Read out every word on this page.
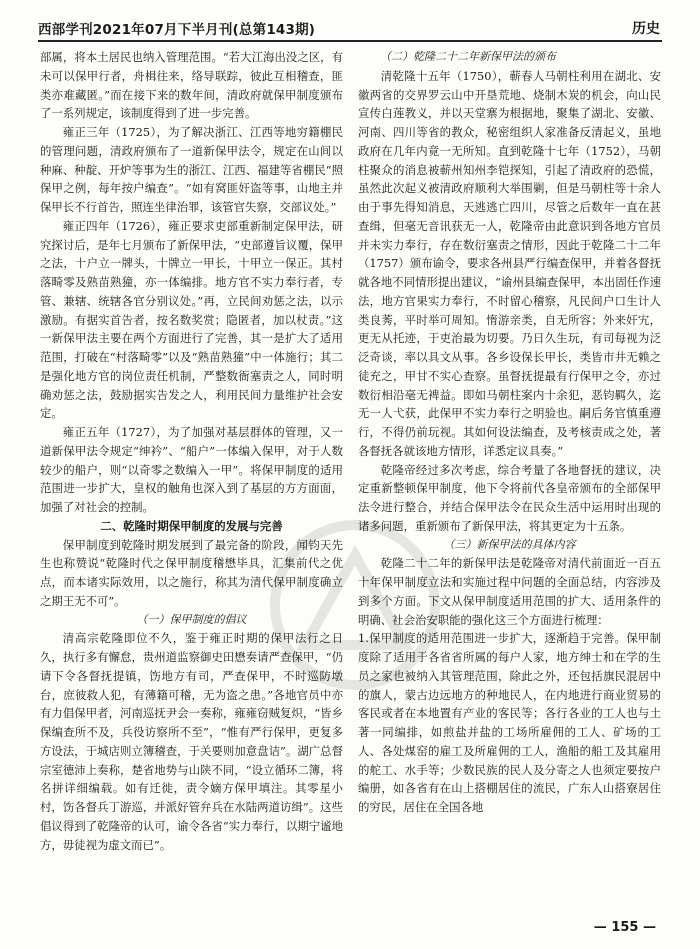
西部学刊2021年07月下半月刊(总第143期)	历史

部属，将本土居民也纳入管理范围。“若大江海出没之区，有未可以保甲行者，舟楫往来，络导联踪，彼此互相稽查，匪类亦难藏匿。”而在接下来的数年间，清政府就保甲制度颁布了一系列规定，该制度得到了进一步完善。

雍正三年（1725），为了解决浙江、江西等地穷籍棚民的管理问题，清政府颁布了一道新保甲法令，规定在山间以种麻、种靛、开炉等事为生的浙江、江西、福建等省棚民“照保甲之例，每年按户编查”。“如有窝匪奸盗等事，山地主并保甲长不行首告，照连坐律治罪，该管官失察，交部议处。”

雍正四年（1726），雍正要求吏部重新制定保甲法，研究探讨后，是年七月颁布了新保甲法，“史部遵旨议覆，保甲之法，十户立一牌头，十牌立一甲长，十甲立一保正。其村落畸零及熟苗熟獞，亦一体编排。地方官不实力奉行者，专管、兼辖、统辖各官分别议处。”再，立民间劝惩之法，以示激励。有据实首告者，按名数奖赏；隐匿者，加以杖责。”这一新保甲法主要在两个方面进行了完善，其一是扩大了适用范围，打破在“村落畸零”以及“熟苗熟獞”中一体施行；其二是强化地方官的岗位责任机制，严整数衙塞责之人，同时明确劝惩之法，鼓励据实告发之人，利用民间力量维护社会安定。

雍正五年（1727），为了加强对基层群体的管理，又一道新保甲法令规定“绅衿”、“船户”一体编入保甲，对于人数较少的船户，则“以奇零之数编入一甲”。将保甲制度的适用范围进一步扩大，皇权的触角也深入到了基层的方方面面，加强了对社会的控制。

二、乾隆时期保甲制度的发展与完善

保甲制度到乾隆时期发展到了最完备的阶段，闻钧天先生也称赞说“乾隆时代之保甲制度稽懋毕具，汇集前代之优点，而本诸实际效用，以之施行，称其为清代保甲制度确立之期王无不可”。

（一）保甲制度的倡议

清高宗乾隆即位不久，鉴于雍正时期的保甲法行之日久，执行多有懈怠，贵州道监察御史田懋奏请严查保甲，“仍请下令各督抚提镇，饬地方有司，严查保甲，不时巡防墩台，庶彼救人犯，有薄籍可稽，无为盗之患。”各地官员中亦有力倡保甲者，河南巡抚尹会一奏称，雍雍窃贼复炽，“皆乡保编查所不及，兵役访察所不至”，“惟有严行保甲，更复多方设法，于城店则立簿稽查，于关要则加意盘诘”。湖广总督宗室德沛上奏称，楚省地势与山陕不同，“设立循环二簿，将名拼详细编载。如有迁徙，责令嫡方保甲填注。其零星小村，饬各督兵丁游巡，并派好管弁兵在水陆两道访缉”。这些倡议得到了乾隆帝的认可，谕令各省“实力奉行，以期宁谧地方，毋徒视为虚文而已”。

（二）乾隆二十二年新保甲法的颁布

清乾隆十五年（1750），蕲春人马朝柱利用在湖北、安徽两省的交界罗云山中开垦荒地、烧制木炭的机会，向山民宣传白莲教义，并以天堂寨为根据地，聚集了湖北、安徽、河南、四川等省的教众，秘密组织人家准备反清起义，虽地政府在几年内竟一无所知。直到乾隆十七年（1752），马朝柱聚众的消息被蕲州知州李铠探知，引起了清政府的恐慌，虽然此次起义被清政府顺利大举围剿，但是马朝柱等十余人由于事先得知消息，天逃逃亡四川，尽管之后数年一直在甚查缉，但毫无音讯获无一人，乾隆帝由此意识到各地方官员并未实力奉行，存在数衍塞责之情形，因此于乾隆二十二年（1757）颁布谕令，要求各州县严行编查保甲，并着各督抚就各地不同情形提出建议，“谕州县编查保甲，本出固任作速法，地方官果实力奉行，不时留心稽察，凡民间户口生计人类良莠，平时举可周知。惰游亲类，自无所容；外来奸宄，更无从托迹，于吏治最为切要。乃日久生玩，有司每视为泛泛奇谈，率以具文从事。各乡设保长甲长，类皆市井无赖之徒充之，甲甘不实心查察。虽督抚提最有行保甲之令，亦过数衍相沿毫无裨益。即如马朝柱案内十余犯，恶钧羁久，迄无一人弋获，此保甲不实力奉行之明验也。嗣后务官慎重遵行，不得仍前玩视。其如何设法编查，及考核责成之处，著各督抚各就该地方情形，详悉定议具奏。”

乾隆帝经过多次考虑，综合考量了各地督抚的建议，决定重新整顿保甲制度，他下令将前代各皇帝颁布的全部保甲法令进行整合，并结合保甲法令在民众生活中运用时出现的诸多问题，重新颁布了新保甲法，将其更定为十五条。

（三）新保甲法的具体内容

乾隆二十二年的新保甲法是乾隆帝对清代前面近一百五十年保甲制度立法和实施过程中问题的全面总结，内容涉及到多个方面。下文从保甲制度适用范围的扩大、适用条件的明确、社会治安职能的强化这三个方面进行梳理：

1.保甲制度的适用范围进一步扩大，逐渐趋于完善。保甲制度除了适用于各省省所属的每户人家，地方绅士和在学的生员之家也被纳入其管理范围，除此之外，还包括旗民混居中的旗人，蒙古边远地方的种地民人，在内地进行商业贸易的客民或者在本地置有产业的客民等；各行各业的工人也与土著一同编排，如煎盐并盐的工场所雇佣的工人、矿场的工人、各处煤窑的雇工及所雇佣的工人，渔船的船工及其雇用的舵工、水手等；少数民族的民人及分寄之人也须定要按户编册，如各省有在山上搭棚居住的流民，广东人山搭寮居住的穷民，居住在全国各地

— 155 —
